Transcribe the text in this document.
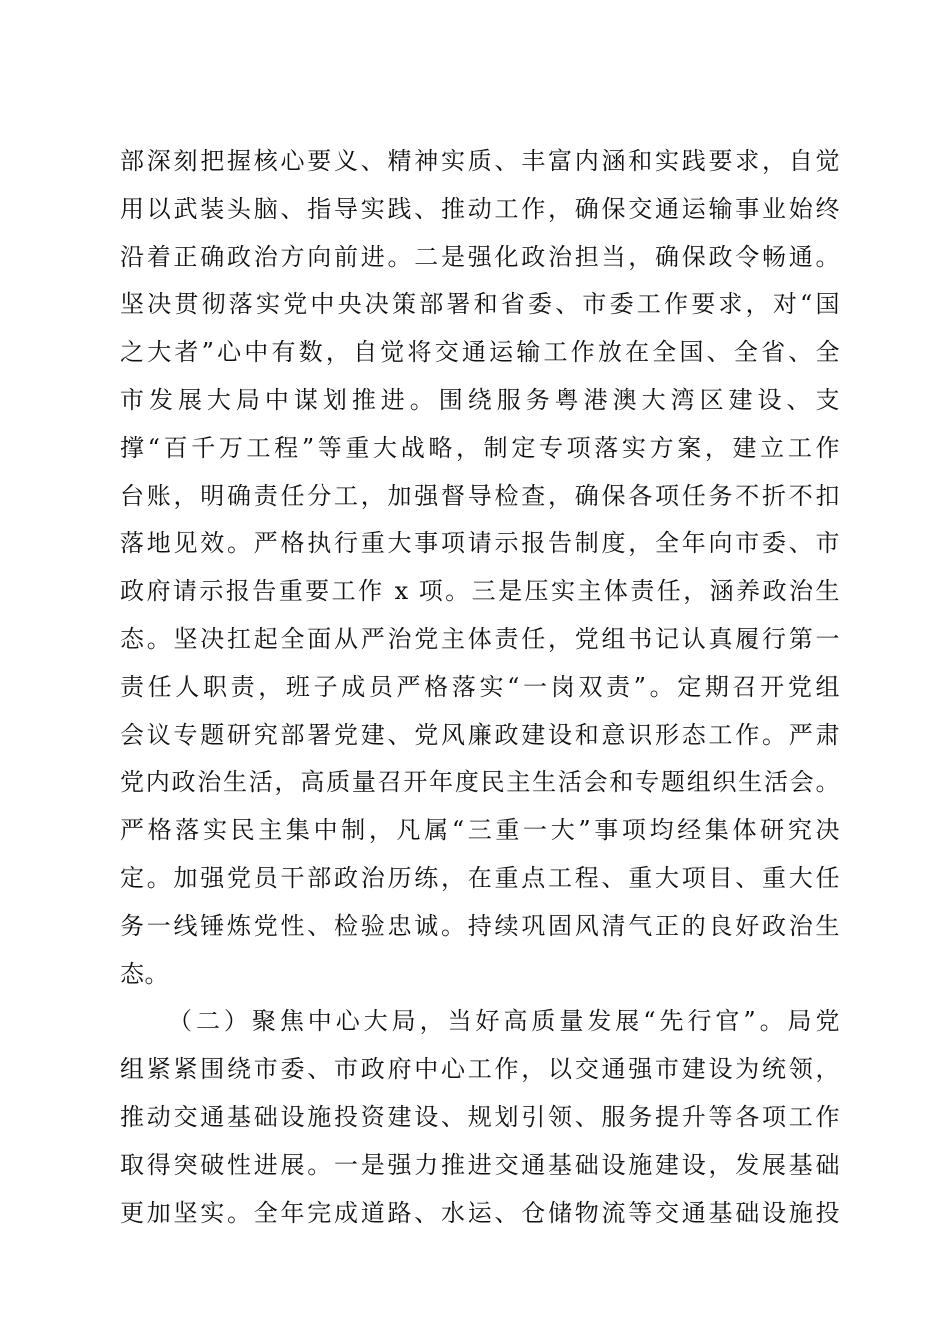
部深刻把握核心要义、精神实质、丰富内涵和实践要求，自觉
用以武装头脑、指导实践、推动工作，确保交通运输事业始终
沿着正确政治方向前进。二是强化政治担当，确保政令畅通。
坚决贯彻落实党中央决策部署和省委、市委工作要求，对“国
之大者”心中有数，自觉将交通运输工作放在全国、全省、全
市发展大局中谋划推进。围绕服务粤港澳大湾区建设、支
撑“百千万工程”等重大战略，制定专项落实方案，建立工作
台账，明确责任分工，加强督导检查，确保各项任务不折不扣
落地见效。严格执行重大事项请示报告制度，全年向市委、市
政府请示报告重要工作 x 项。三是压实主体责任，涵养政治生
态。坚决扛起全面从严治党主体责任，党组书记认真履行第一
责任人职责，班子成员严格落实“一岗双责”。定期召开党组
会议专题研究部署党建、党风廉政建设和意识形态工作。严肃
党内政治生活，高质量召开年度民主生活会和专题组织生活会。
严格落实民主集中制，凡属“三重一大”事项均经集体研究决
定。加强党员干部政治历练，在重点工程、重大项目、重大任
务一线锤炼党性、检验忠诚。持续巩固风清气正的良好政治生
态。
（二）聚焦中心大局，当好高质量发展“先行官”。局党
组紧紧围绕市委、市政府中心工作，以交通强市建设为统领，
推动交通基础设施投资建设、规划引领、服务提升等各项工作
取得突破性进展。一是强力推进交通基础设施建设，发展基础
更加坚实。全年完成道路、水运、仓储物流等交通基础设施投
